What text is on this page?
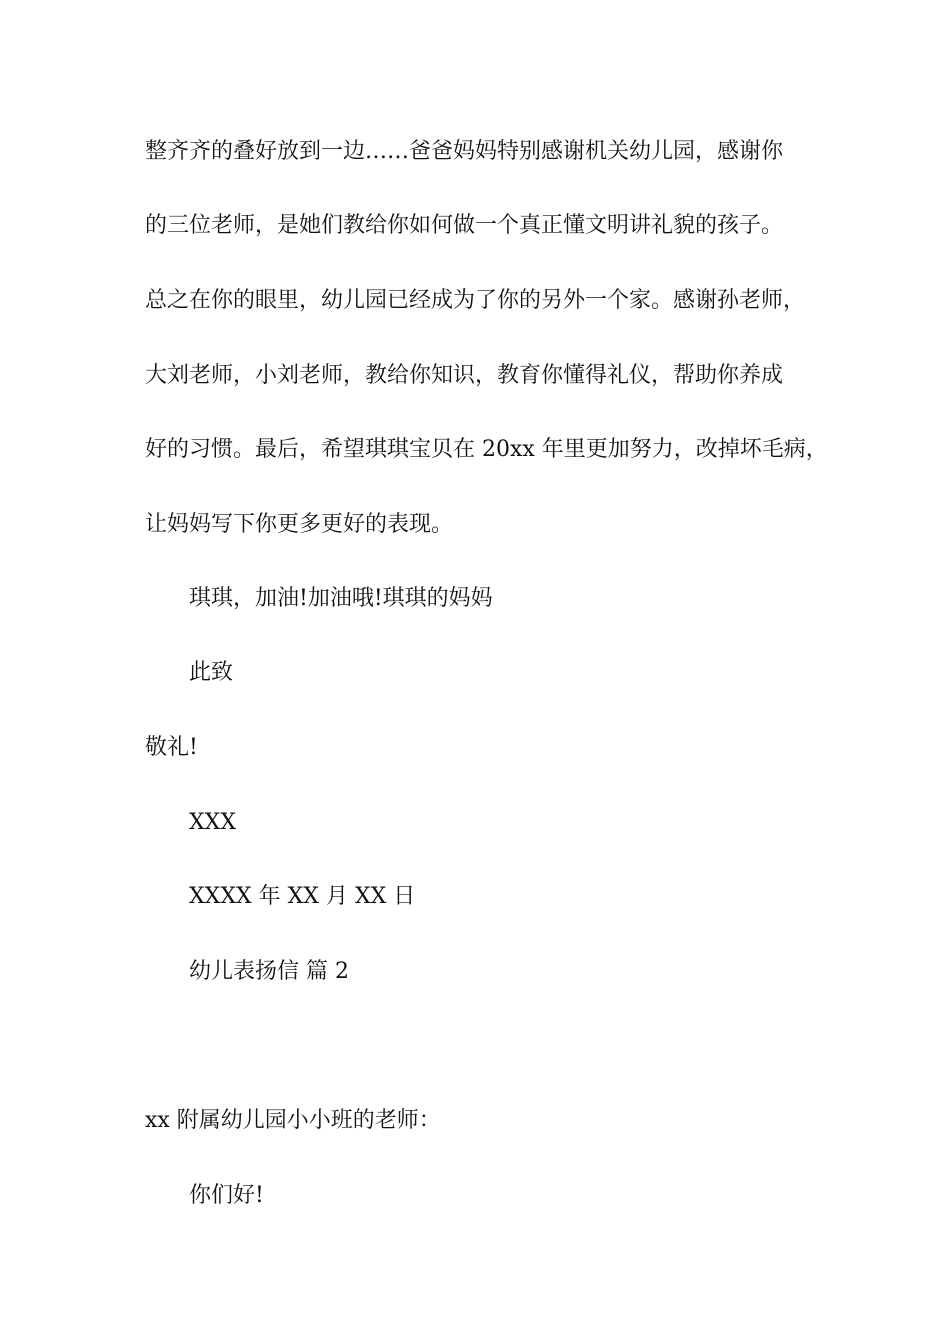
整齐齐的叠好放到一边……爸爸妈妈特别感谢机关幼儿园，感谢你
的三位老师，是她们教给你如何做一个真正懂文明讲礼貌的孩子。
总之在你的眼里，幼儿园已经成为了你的另外一个家。感谢孙老师，
大刘老师，小刘老师，教给你知识，教育你懂得礼仪，帮助你养成
好的习惯。最后，希望琪琪宝贝在 20xx 年里更加努力，改掉坏毛病，
让妈妈写下你更多更好的表现。
琪琪，加油!加油哦!琪琪的妈妈
此致
敬礼!
XXX
XXXX 年 XX 月 XX 日
幼儿表扬信 篇 2
xx 附属幼儿园小小班的老师：
你们好!
